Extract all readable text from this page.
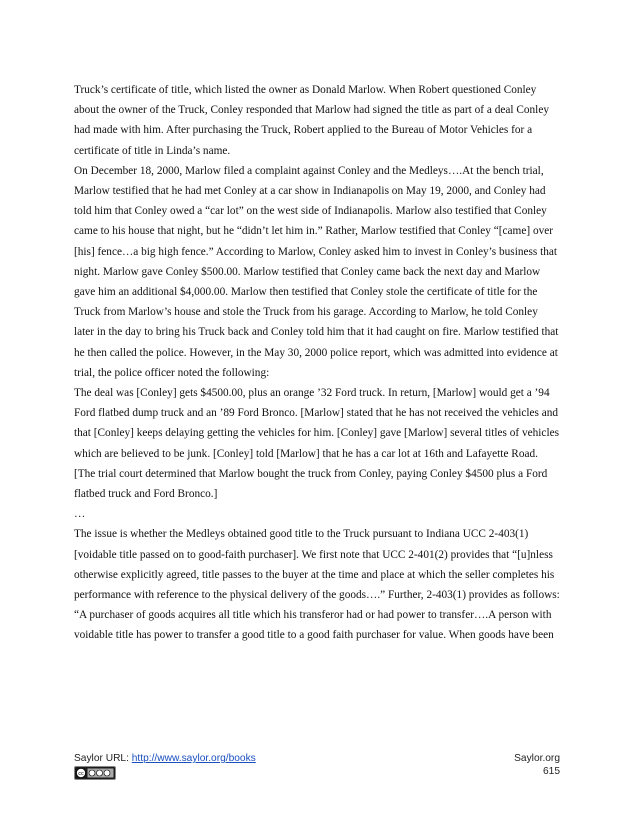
Truck’s certificate of title, which listed the owner as Donald Marlow. When Robert questioned Conley about the owner of the Truck, Conley responded that Marlow had signed the title as part of a deal Conley had made with him. After purchasing the Truck, Robert applied to the Bureau of Motor Vehicles for a certificate of title in Linda’s name.

On December 18, 2000, Marlow filed a complaint against Conley and the Medleys….At the bench trial, Marlow testified that he had met Conley at a car show in Indianapolis on May 19, 2000, and Conley had told him that Conley owed a “car lot” on the west side of Indianapolis. Marlow also testified that Conley came to his house that night, but he “didn’t let him in.” Rather, Marlow testified that Conley “[came] over [his] fence…a big high fence.” According to Marlow, Conley asked him to invest in Conley’s business that night. Marlow gave Conley $500.00. Marlow testified that Conley came back the next day and Marlow gave him an additional $4,000.00. Marlow then testified that Conley stole the certificate of title for the Truck from Marlow’s house and stole the Truck from his garage. According to Marlow, he told Conley later in the day to bring his Truck back and Conley told him that it had caught on fire. Marlow testified that he then called the police. However, in the May 30, 2000 police report, which was admitted into evidence at trial, the police officer noted the following:

The deal was [Conley] gets $4500.00, plus an orange ’32 Ford truck. In return, [Marlow] would get a ’94 Ford flatbed dump truck and an ’89 Ford Bronco. [Marlow] stated that he has not received the vehicles and that [Conley] keeps delaying getting the vehicles for him. [Conley] gave [Marlow] several titles of vehicles which are believed to be junk. [Conley] told [Marlow] that he has a car lot at 16th and Lafayette Road.

[The trial court determined that Marlow bought the truck from Conley, paying Conley $4500 plus a Ford flatbed truck and Ford Bronco.]

…

The issue is whether the Medleys obtained good title to the Truck pursuant to Indiana UCC 2-403(1) [voidable title passed on to good-faith purchaser]. We first note that UCC 2-401(2) provides that “[u]nless otherwise explicitly agreed, title passes to the buyer at the time and place at which the seller completes his performance with reference to the physical delivery of the goods….” Further, 2-403(1) provides as follows: “A purchaser of goods acquires all title which his transferor had or had power to transfer….A person with voidable title has power to transfer a good title to a good faith purchaser for value. When goods have been

Saylor URL: http://www.saylor.org/books
cc
Saylor.org
615
